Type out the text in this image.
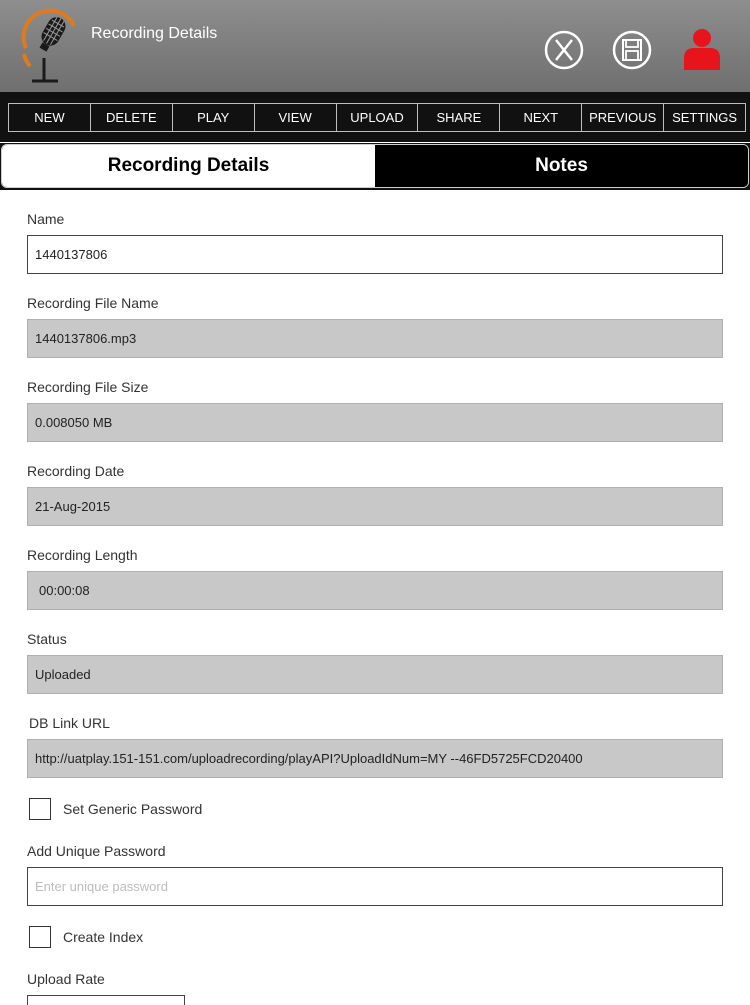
Recording Details
NEW	DELETE	PLAY	VIEW	UPLOAD	SHARE	NEXT	PREVIOUS	SETTINGS
Recording Details	Notes
Name
1440137806
Recording File Name
1440137806.mp3
Recording File Size
0.008050 MB
Recording Date
21-Aug-2015
Recording Length
00:00:08
Status
Uploaded
DB Link URL
http://uatplay.151-151.com/uploadrecording/playAPI?UploadIdNum=MY --46FD5725FCD20400
Set Generic Password
Add Unique Password
Enter unique password
Create Index
Upload Rate
